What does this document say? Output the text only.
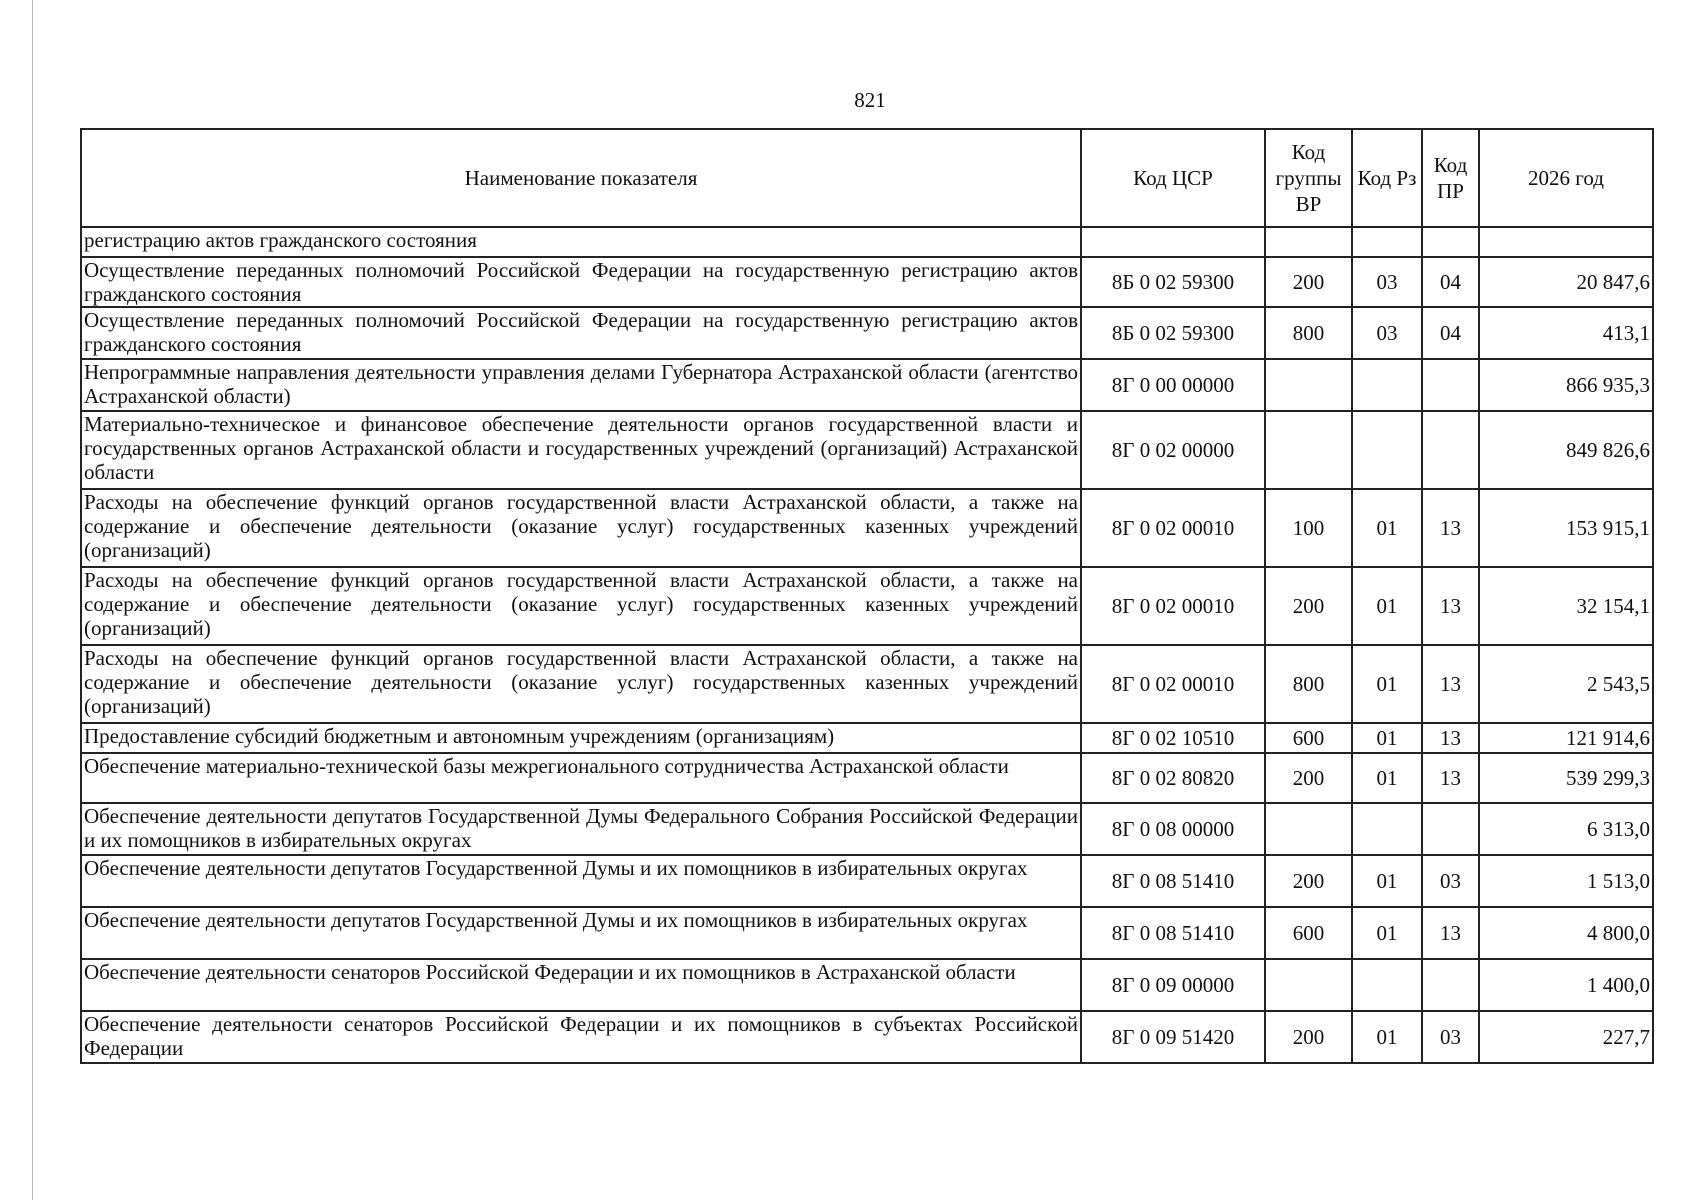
821
Наименование показателя	Код ЦСР	Код группы ВР	Код Рз	Код ПР	2026 год
регистрацию актов гражданского состояния					
Осуществление переданных полномочий Российской Федерации на государственную регистрацию актов гражданского состояния	8Б 0 02 59300	200	03	04	20 847,6
Осуществление переданных полномочий Российской Федерации на государственную регистрацию актов гражданского состояния	8Б 0 02 59300	800	03	04	413,1
Непрограммные направления деятельности управления делами Губернатора Астраханской области (агентство Астраханской области)	8Г 0 00 00000				866 935,3
Материально-техническое и финансовое обеспечение деятельности органов государственной власти и государственных органов Астраханской области и государственных учреждений (организаций) Астраханской области	8Г 0 02 00000				849 826,6
Расходы на обеспечение функций органов государственной власти Астраханской области, а также на содержание и обеспечение деятельности (оказание услуг) государственных казенных учреждений (организаций)	8Г 0 02 00010	100	01	13	153 915,1
Расходы на обеспечение функций органов государственной власти Астраханской области, а также на содержание и обеспечение деятельности (оказание услуг) государственных казенных учреждений (организаций)	8Г 0 02 00010	200	01	13	32 154,1
Расходы на обеспечение функций органов государственной власти Астраханской области, а также на содержание и обеспечение деятельности (оказание услуг) государственных казенных учреждений (организаций)	8Г 0 02 00010	800	01	13	2 543,5
Предоставление субсидий бюджетным и автономным учреждениям (организациям)	8Г 0 02 10510	600	01	13	121 914,6
Обеспечение материально-технической базы межрегионального сотрудничества Астраханской области	8Г 0 02 80820	200	01	13	539 299,3
Обеспечение деятельности депутатов Государственной Думы Федерального Собрания Российской Федерации и их помощников в избирательных округах	8Г 0 08 00000				6 313,0
Обеспечение деятельности депутатов Государственной Думы и их помощников в избирательных округах	8Г 0 08 51410	200	01	03	1 513,0
Обеспечение деятельности депутатов Государственной Думы и их помощников в избирательных округах	8Г 0 08 51410	600	01	13	4 800,0
Обеспечение деятельности сенаторов Российской Федерации и их помощников в Астраханской области	8Г 0 09 00000				1 400,0
Обеспечение деятельности сенаторов Российской Федерации и их помощников в субъектах Российской Федерации	8Г 0 09 51420	200	01	03	227,7
